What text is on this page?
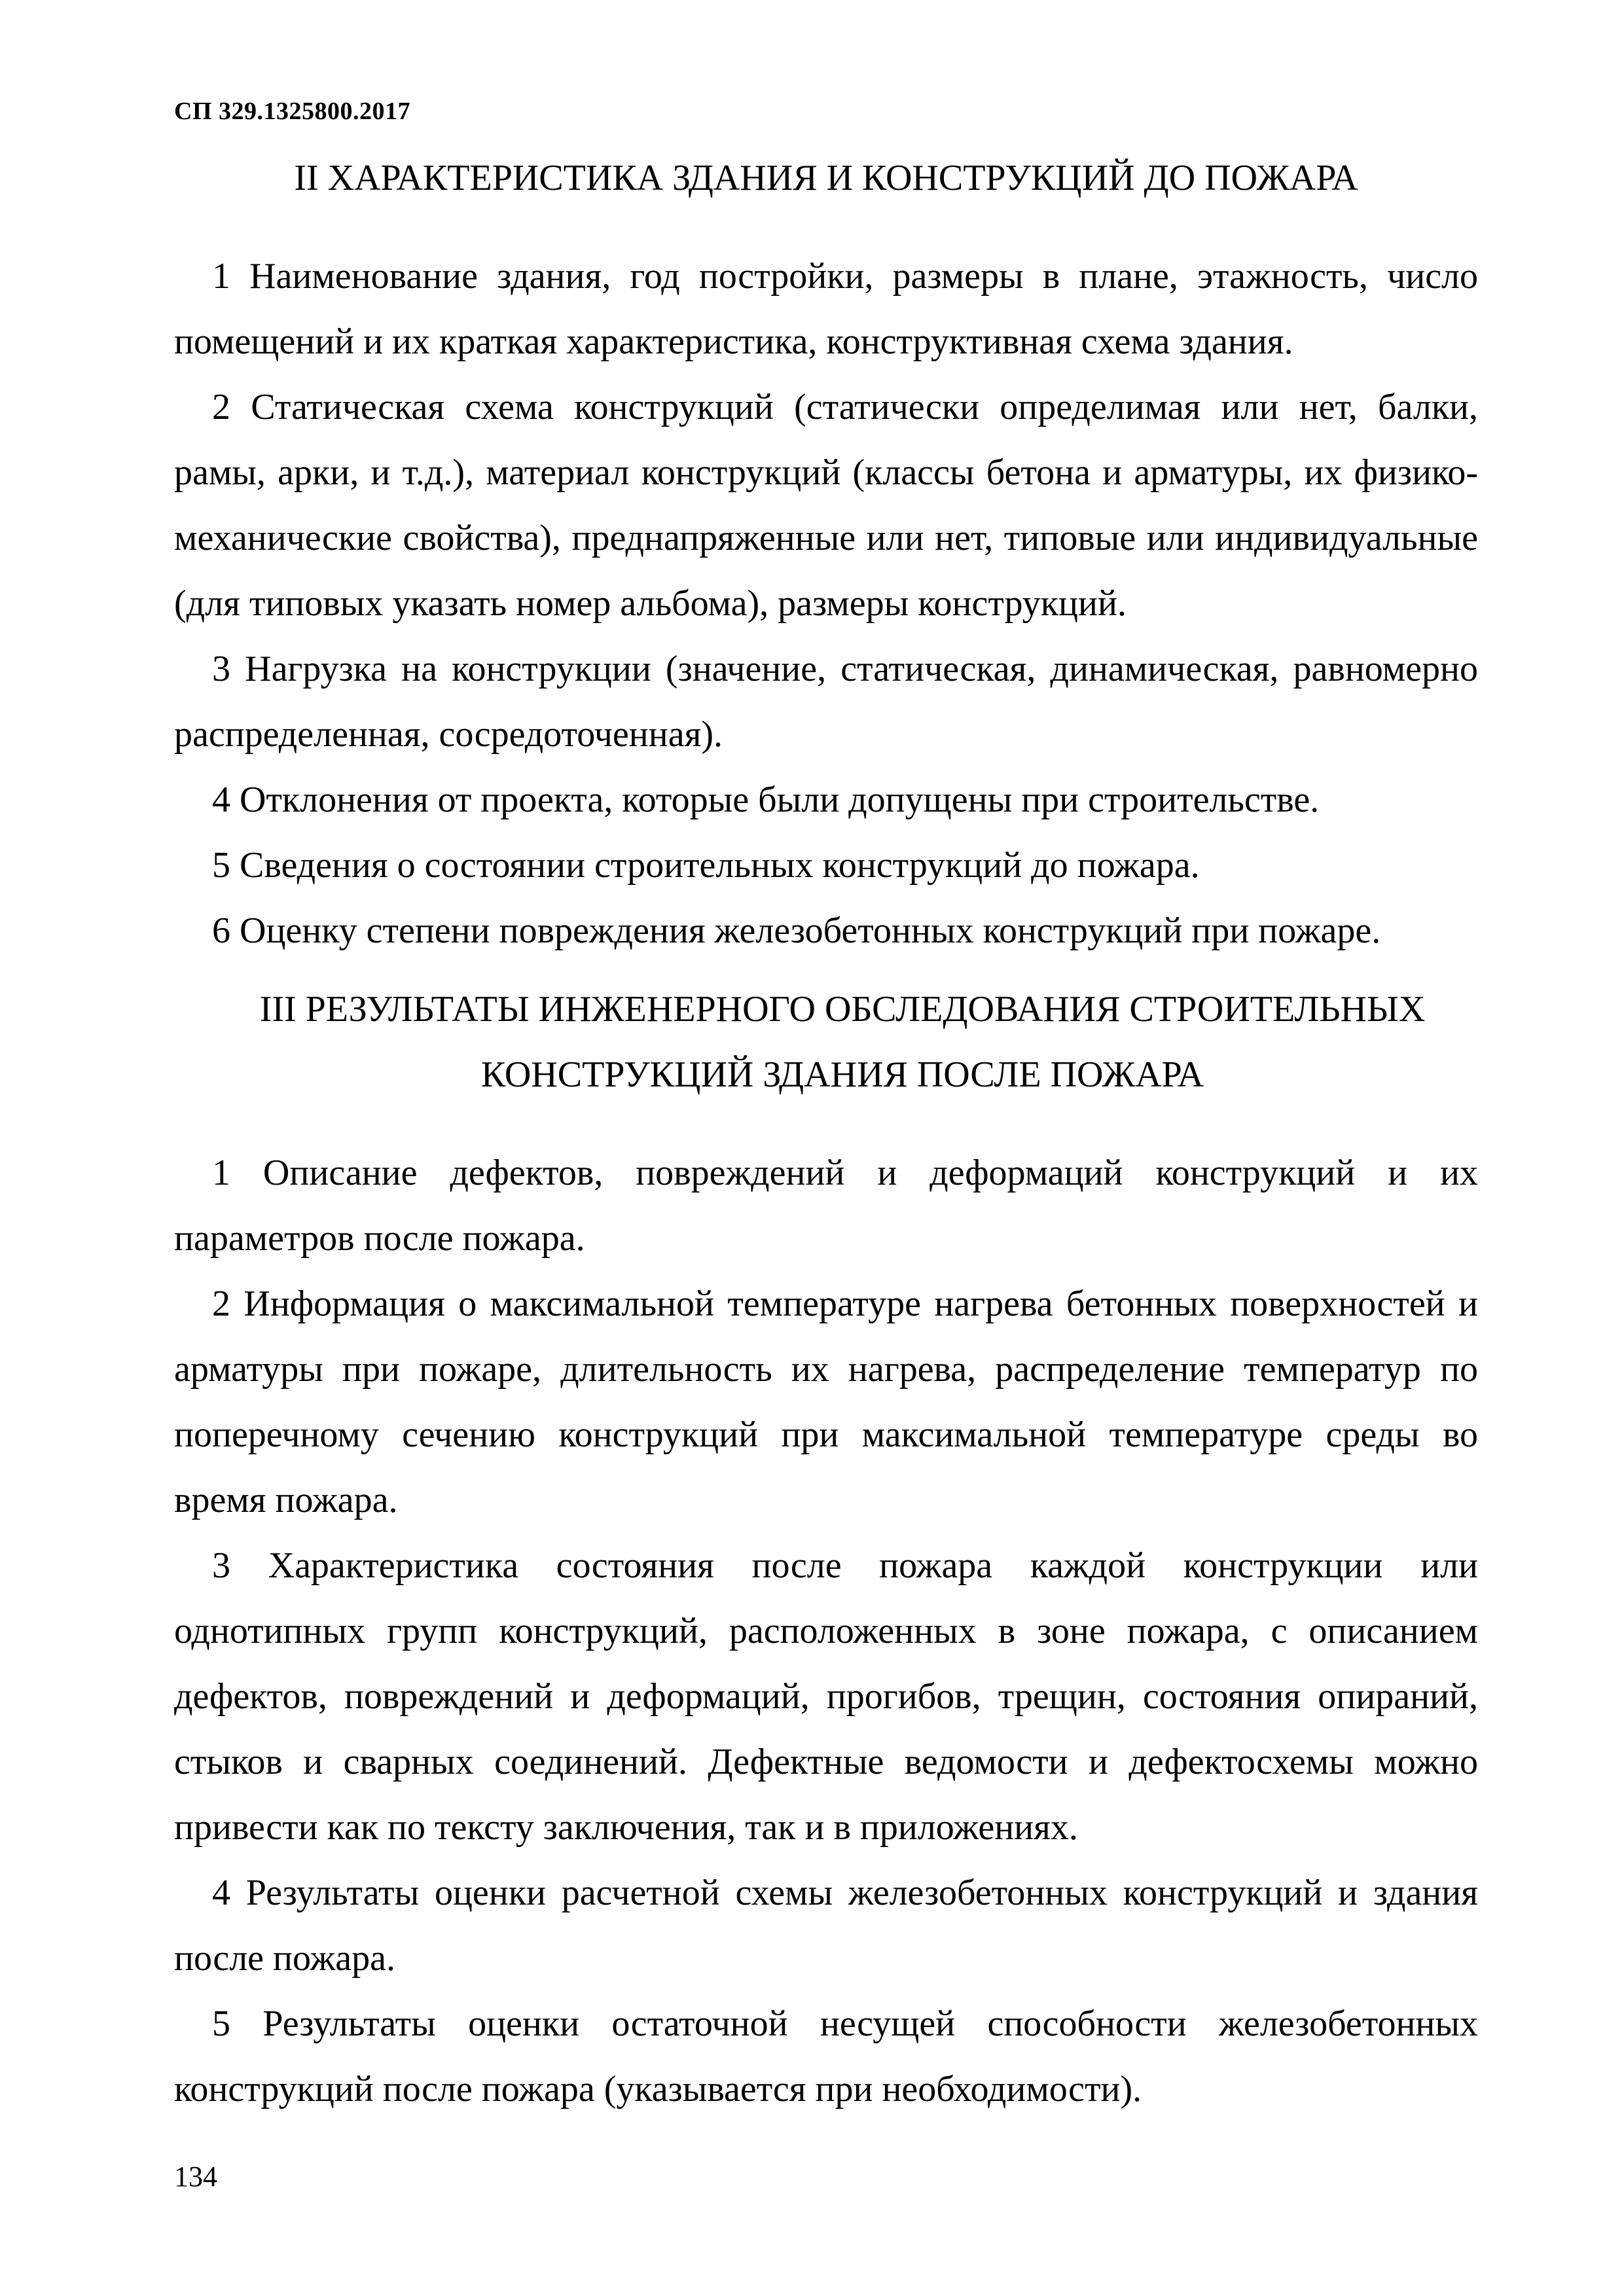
СП 329.1325800.2017

II ХАРАКТЕРИСТИКА ЗДАНИЯ И КОНСТРУКЦИЙ ДО ПОЖАРА

1 Наименование здания, год постройки, размеры в плане, этажность, число помещений и их краткая характеристика, конструктивная схема здания.

2 Статическая схема конструкций (статически определимая или нет, балки, рамы, арки, и т.д.), материал конструкций (классы бетона и арматуры, их физико-механические свойства), преднапряженные или нет, типовые или индивидуальные (для типовых указать номер альбома), размеры конструкций.

3 Нагрузка на конструкции (значение, статическая, динамическая, равномерно распределенная, сосредоточенная).

4 Отклонения от проекта, которые были допущены при строительстве.

5 Сведения о состоянии строительных конструкций до пожара.

6 Оценку степени повреждения железобетонных конструкций при пожаре.

III РЕЗУЛЬТАТЫ ИНЖЕНЕРНОГО ОБСЛЕДОВАНИЯ СТРОИТЕЛЬНЫХ КОНСТРУКЦИЙ ЗДАНИЯ ПОСЛЕ ПОЖАРА

1 Описание дефектов, повреждений и деформаций конструкций и их параметров после пожара.

2 Информация о максимальной температуре нагрева бетонных поверхностей и арматуры при пожаре, длительность их нагрева, распределение температур по поперечному сечению конструкций при максимальной температуре среды во время пожара.

3 Характеристика состояния после пожара каждой конструкции или однотипных групп конструкций, расположенных в зоне пожара, с описанием дефектов, повреждений и деформаций, прогибов, трещин, состояния опираний, стыков и сварных соединений. Дефектные ведомости и дефектосхемы можно привести как по тексту заключения, так и в приложениях.

4 Результаты оценки расчетной схемы железобетонных конструкций и здания после пожара.

5 Результаты оценки остаточной несущей способности железобетонных конструкций после пожара (указывается при необходимости).

134
